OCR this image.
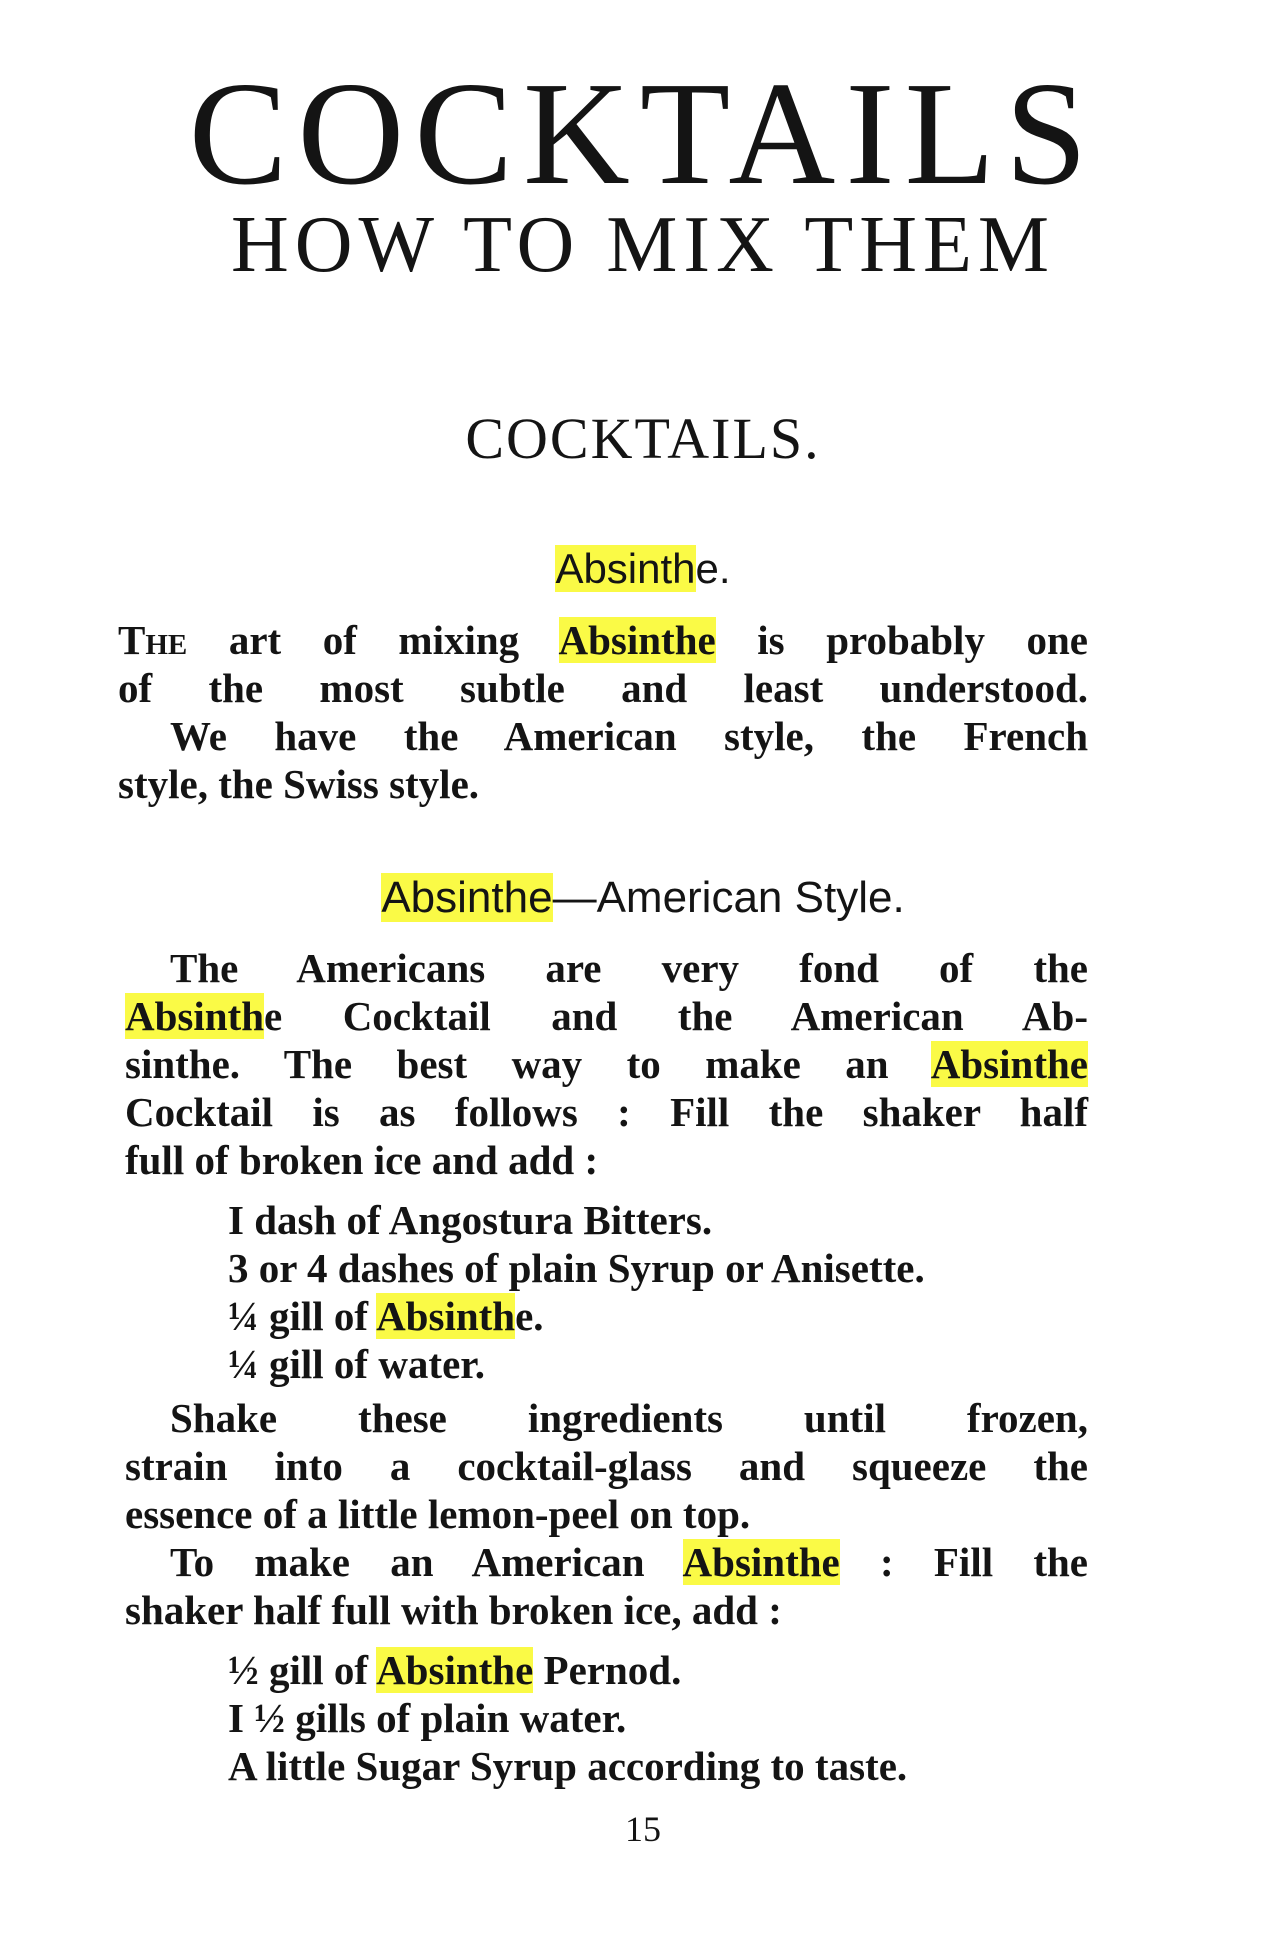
COCKTAILS
HOW TO MIX THEM
COCKTAILS.
Absinthe.
The art of mixing Absinthe is probably one
of the most subtle and least understood.
We have the American style, the French
style, the Swiss style.
Absinthe—American Style.
The Americans are very fond of the
Absinthe Cocktail and the American Ab-
sinthe. The best way to make an Absinthe
Cocktail is as follows : Fill the shaker half
full of broken ice and add :
I dash of Angostura Bitters.
3 or 4 dashes of plain Syrup or Anisette.
¼ gill of Absinthe.
¼ gill of water.
Shake these ingredients until frozen,
strain into a cocktail-glass and squeeze the
essence of a little lemon-peel on top.
To make an American Absinthe : Fill the
shaker half full with broken ice, add :
½ gill of Absinthe Pernod.
I ½ gills of plain water.
A little Sugar Syrup according to taste.
15
